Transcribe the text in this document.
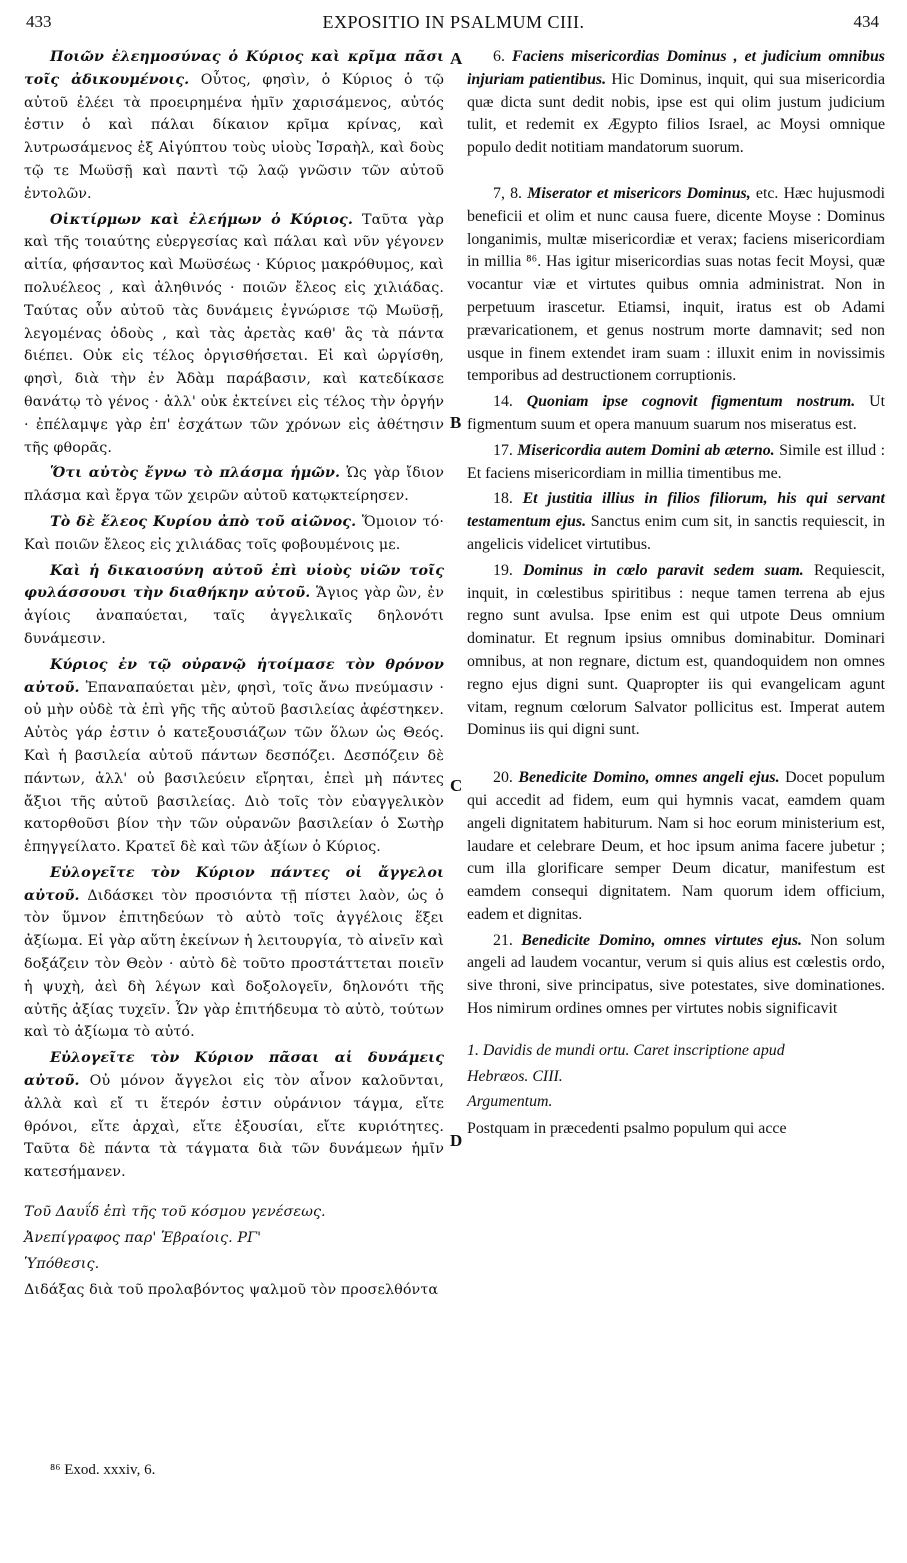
433	EXPOSITIO IN PSALMUM CIII.	434
A
B
C
D

Ποιῶν ἐλεημοσύνας ὁ Κύριος καὶ κρῖμα πᾶσι τοῖς ἀδικουμένοις. Οὗτος, φησὶν, ὁ Κύριος ὁ τῷ αὐτοῦ ἐλέει τὰ προειρημένα ἡμῖν χαρισάμενος, αὐτός ἐστιν ὁ καὶ πάλαι δίκαιον κρῖμα κρίνας, καὶ λυτρωσάμενος ἐξ Αἰγύπτου τοὺς υἱοὺς Ἰσραὴλ, καὶ δοὺς τῷ τε Μωϋσῇ καὶ παντὶ τῷ λαῷ γνῶσιν τῶν αὐτοῦ ἐντολῶν.

Οἰκτίρμων καὶ ἐλεήμων ὁ Κύριος. Ταῦτα γὰρ καὶ τῆς τοιαύτης εὐεργεσίας καὶ πάλαι καὶ νῦν γέγονεν αἰτία, φήσαντος καὶ Μωϋσέως · Κύριος μακρόθυμος, καὶ πολυέλεος , καὶ ἀληθινός · ποιῶν ἔλεος εἰς χιλιάδας. Ταύτας οὖν αὐτοῦ τὰς δυνάμεις ἐγνώρισε τῷ Μωϋσῇ, λεγομένας ὁδοὺς , καὶ τὰς ἀρετὰς καθ' ἃς τὰ πάντα διέπει. Οὐκ εἰς τέλος ὀργισθήσεται. Εἰ καὶ ὠργίσθη, φησὶ, διὰ τὴν ἐν Ἀδὰμ παράβασιν, καὶ κατεδίκασε θανάτῳ τὸ γένος · ἀλλ' οὐκ ἐκτείνει εἰς τέλος τὴν ὀργήν · ἐπέλαμψε γὰρ ἐπ' ἐσχάτων τῶν χρόνων εἰς ἀθέτησιν τῆς φθορᾶς.

Ὅτι αὐτὸς ἔγνω τὸ πλάσμα ἡμῶν. Ὡς γὰρ ἴδιον πλάσμα καὶ ἔργα τῶν χειρῶν αὐτοῦ κατῳκτείρησεν.

Τὸ δὲ ἔλεος Κυρίου ἀπὸ τοῦ αἰῶνος. Ὅμοιον τό· Καὶ ποιῶν ἔλεος εἰς χιλιάδας τοῖς φοβουμένοις με.

Καὶ ἡ δικαιοσύνη αὐτοῦ ἐπὶ υἱοὺς υἱῶν τοῖς φυλάσσουσι τὴν διαθήκην αὐτοῦ. Ἅγιος γὰρ ὢν, ἐν ἁγίοις ἀναπαύεται, ταῖς ἀγγελικαῖς δηλονότι δυνάμεσιν.

Κύριος ἐν τῷ οὐρανῷ ἡτοίμασε τὸν θρόνον αὐτοῦ. Ἐπαναπαύεται μὲν, φησὶ, τοῖς ἄνω πνεύμασιν · οὐ μὴν οὐδὲ τὰ ἐπὶ γῆς τῆς αὐτοῦ βασιλείας ἀφέστηκεν. Αὐτὸς γάρ ἐστιν ὁ κατεξουσιάζων τῶν ὅλων ὡς Θεός. Καὶ ἡ βασιλεία αὐτοῦ πάντων δεσπόζει. Δεσπόζειν δὲ πάντων, ἀλλ' οὐ βασιλεύειν εἴρηται, ἐπεὶ μὴ πάντες ἄξιοι τῆς αὐτοῦ βασιλείας. Διὸ τοῖς τὸν εὐαγγελικὸν κατορθοῦσι βίον τὴν τῶν οὐρανῶν βασιλείαν ὁ Σωτὴρ ἐπηγγείλατο. Κρατεῖ δὲ καὶ τῶν ἀξίων ὁ Κύριος.

Εὐλογεῖτε τὸν Κύριον πάντες οἱ ἄγγελοι αὐτοῦ. Διδάσκει τὸν προσιόντα τῇ πίστει λαὸν, ὡς ὁ τὸν ὕμνον ἐπιτηδεύων τὸ αὐτὸ τοῖς ἀγγέλοις ἕξει ἀξίωμα. Εἰ γὰρ αὕτη ἐκείνων ἡ λειτουργία, τὸ αἰνεῖν καὶ δοξάζειν τὸν Θεὸν · αὐτὸ δὲ τοῦτο προστάττεται ποιεῖν ἡ ψυχὴ, ἀεὶ δὴ λέγων καὶ δοξολογεῖν, δηλονότι τῆς αὐτῆς ἀξίας τυχεῖν. Ὧν γὰρ ἐπιτήδευμα τὸ αὐτὸ, τούτων καὶ τὸ ἀξίωμα τὸ αὐτό.

Εὐλογεῖτε τὸν Κύριον πᾶσαι αἱ δυνάμεις αὐτοῦ. Οὐ μόνον ἄγγελοι εἰς τὸν αἶνον καλοῦνται, ἀλλὰ καὶ εἴ τι ἕτερόν ἐστιν οὐράνιον τάγμα, εἴτε θρόνοι, εἴτε ἀρχαὶ, εἴτε ἐξουσίαι, εἴτε κυριότητες. Ταῦτα δὲ πάντα τὰ τάγματα διὰ τῶν δυνάμεων ἡμῖν κατεσήμανεν.

Τοῦ Δαυΐδ ἐπὶ τῆς τοῦ κόσμου γενέσεως.

Ἀνεπίγραφος παρ' Ἑβραίοις. ΡΓ'

Ὑπόθεσις.

Διδάξας διὰ τοῦ προλαβόντος ψαλμοῦ τὸν προσελθόντα

6. Faciens misericordias Dominus , et judicium omnibus injuriam patientibus. Hic Dominus, inquit, qui sua misericordia quæ dicta sunt dedit nobis, ipse est qui olim justum judicium tulit, et redemit ex Ægypto filios Israel, ac Moysi omnique populo dedit notitiam mandatorum suorum.

7, 8. Miserator et misericors Dominus, etc. Hæc hujusmodi beneficii et olim et nunc causa fuere, dicente Moyse : Dominus longanimis, multæ misericordiæ et verax; faciens misericordiam in millia ⁸⁶. Has igitur misericordias suas notas fecit Moysi, quæ vocantur viæ et virtutes quibus omnia administrat. Non in perpetuum irascetur. Etiamsi, inquit, iratus est ob Adami prævaricationem, et genus nostrum morte damnavit; sed non usque in finem extendet iram suam : illuxit enim in novissimis temporibus ad destructionem corruptionis.

14. Quoniam ipse cognovit figmentum nostrum. Ut figmentum suum et opera manuum suarum nos miseratus est.

17. Misericordia autem Domini ab æterno. Simile est illud : Et faciens misericordiam in millia timentibus me.

18. Et justitia illius in filios filiorum, his qui servant testamentum ejus. Sanctus enim cum sit, in sanctis requiescit, in angelicis videlicet virtutibus.

19. Dominus in cœlo paravit sedem suam. Requiescit, inquit, in cœlestibus spiritibus : neque tamen terrena ab ejus regno sunt avulsa. Ipse enim est qui utpote Deus omnium dominatur. Et regnum ipsius omnibus dominabitur. Dominari omnibus, at non regnare, dictum est, quandoquidem non omnes regno ejus digni sunt. Quapropter iis qui evangelicam agunt vitam, regnum cœlorum Salvator pollicitus est. Imperat autem Dominus iis qui digni sunt.

20. Benedicite Domino, omnes angeli ejus. Docet populum qui accedit ad fidem, eum qui hymnis vacat, eamdem quam angeli dignitatem habiturum. Nam si hoc eorum ministerium est, laudare et celebrare Deum, et hoc ipsum anima facere jubetur ; cum illa glorificare semper Deum dicatur, manifestum est eamdem consequi dignitatem. Nam quorum idem officium, eadem et dignitas.

21. Benedicite Domino, omnes virtutes ejus. Non solum angeli ad laudem vocantur, verum si quis alius est cœlestis ordo, sive throni, sive principatus, sive potestates, sive dominationes. Hos nimirum ordines omnes per virtutes nobis significavit

1. Davidis de mundi ortu. Caret inscriptione apud

Hebræos. CIII.

Argumentum.

Postquam in præcedenti psalmo populum qui acce

⁸⁶ Exod. xxxiv, 6.
